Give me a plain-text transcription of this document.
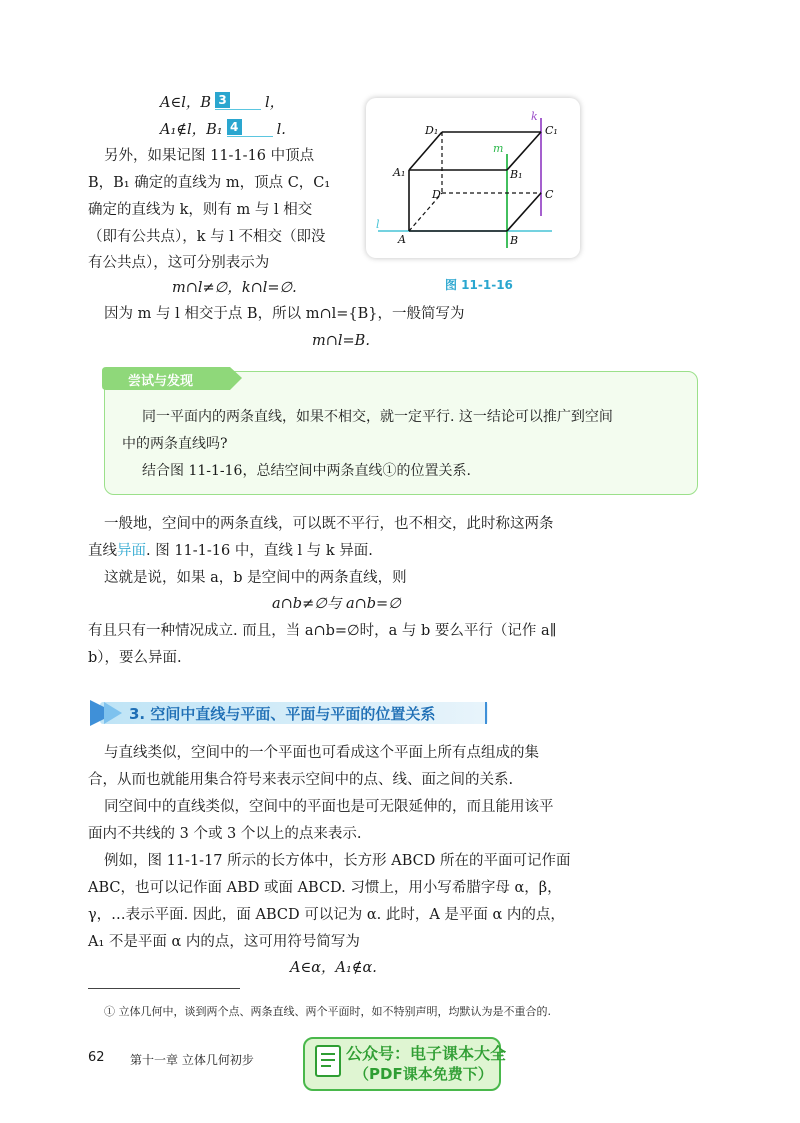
A∈l，B 3	l，
A₁∉l，B₁ 4	l.
另外，如果记图 11-1-16 中顶点
B，B₁ 确定的直线为 m，顶点 C，C₁
确定的直线为 k，则有 m 与 l 相交
（即有公共点），k 与 l 不相交（即没
有公共点），这可分别表示为
m∩l≠∅，k∩l=∅.
D₁	C₁
A₁	B₁
D	C
A	B
k
m
l
图 11-1-16
因为 m 与 l 相交于点 B，所以 m∩l={B}，一般简写为
m∩l=B.
尝试与发现
同一平面内的两条直线，如果不相交，就一定平行. 这一结论可以推广到空间
中的两条直线吗?
结合图 11-1-16，总结空间中两条直线①的位置关系.
一般地，空间中的两条直线，可以既不平行，也不相交，此时称这两条
直线异面. 图 11-1-16 中，直线 l 与 k 异面.
这就是说，如果 a，b 是空间中的两条直线，则
a∩b≠∅与 a∩b=∅
有且只有一种情况成立. 而且，当 a∩b=∅时，a 与 b 要么平行（记作 a∥
b），要么异面.
3. 空间中直线与平面、平面与平面的位置关系
与直线类似，空间中的一个平面也可看成这个平面上所有点组成的集
合，从而也就能用集合符号来表示空间中的点、线、面之间的关系.
同空间中的直线类似，空间中的平面也是可无限延伸的，而且能用该平
面内不共线的 3 个或 3 个以上的点来表示.
例如，图 11-1-17 所示的长方体中，长方形 ABCD 所在的平面可记作面
ABC，也可以记作面 ABD 或面 ABCD. 习惯上，用小写希腊字母 α，β，
γ，…表示平面. 因此，面 ABCD 可以记为 α. 此时，A 是平面 α 内的点，
A₁ 不是平面 α 内的点，这可用符号简写为
A∈α，A₁∉α.
① 立体几何中，谈到两个点、两条直线、两个平面时，如不特别声明，均默认为是不重合的.
62 第十一章 立体几何初步	公众号：电子课本大全
（PDF课本免费下）
